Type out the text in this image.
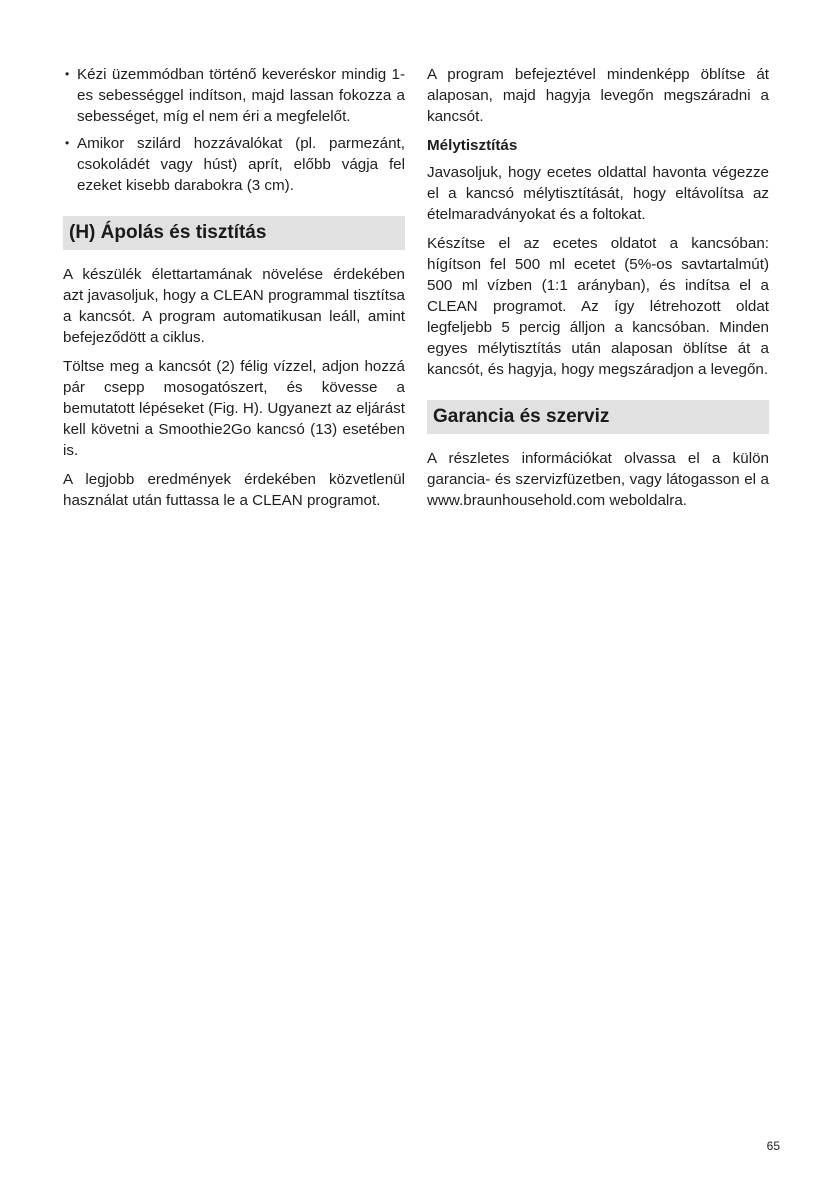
• Kézi üzemmódban történő keveréskor mindig 1-es sebességgel indítson, majd lassan fokozza a sebességet, míg el nem éri a megfelelőt.
• Amikor szilárd hozzávalókat (pl. parmezánt, csokoládét vagy húst) aprít, előbb vágja fel ezeket kisebb darabokra (3 cm).
(H) Ápolás és tisztítás

A készülék élettartamának növelése érdekében azt javasoljuk, hogy a CLEAN programmal tisztítsa a kancsót. A program automatikusan leáll, amint befejeződött a ciklus.

Töltse meg a kancsót (2) félig vízzel, adjon hozzá pár csepp mosogatószert, és kövesse a bemutatott lépéseket (Fig. H). Ugyanezt az eljárást kell követni a Smoothie2Go kancsó (13) esetében is.

A legjobb eredmények érdekében közvetlenül használat után futtassa le a CLEAN programot.

A program befejeztével mindenképp öblítse át alaposan, majd hagyja levegőn megszáradni a kancsót.

Mélytisztítás

Javasoljuk, hogy ecetes oldattal havonta végezze el a kancsó mélytisztítását, hogy eltávolítsa az ételmaradványokat és a foltokat.

Készítse el az ecetes oldatot a kancsóban: hígítson fel 500 ml ecetet (5%-os savtartalmút) 500 ml vízben (1:1 arányban), és indítsa el a CLEAN programot. Az így létrehozott oldat legfeljebb 5 percig álljon a kancsóban. Minden egyes mélytisztítás után alaposan öblítse át a kancsót, és hagyja, hogy megszáradjon a levegőn.

Garancia és szerviz

A részletes információkat olvassa el a külön garancia- és szervizfüzetben, vagy látogasson el a www.braunhousehold.com weboldalra.

65
